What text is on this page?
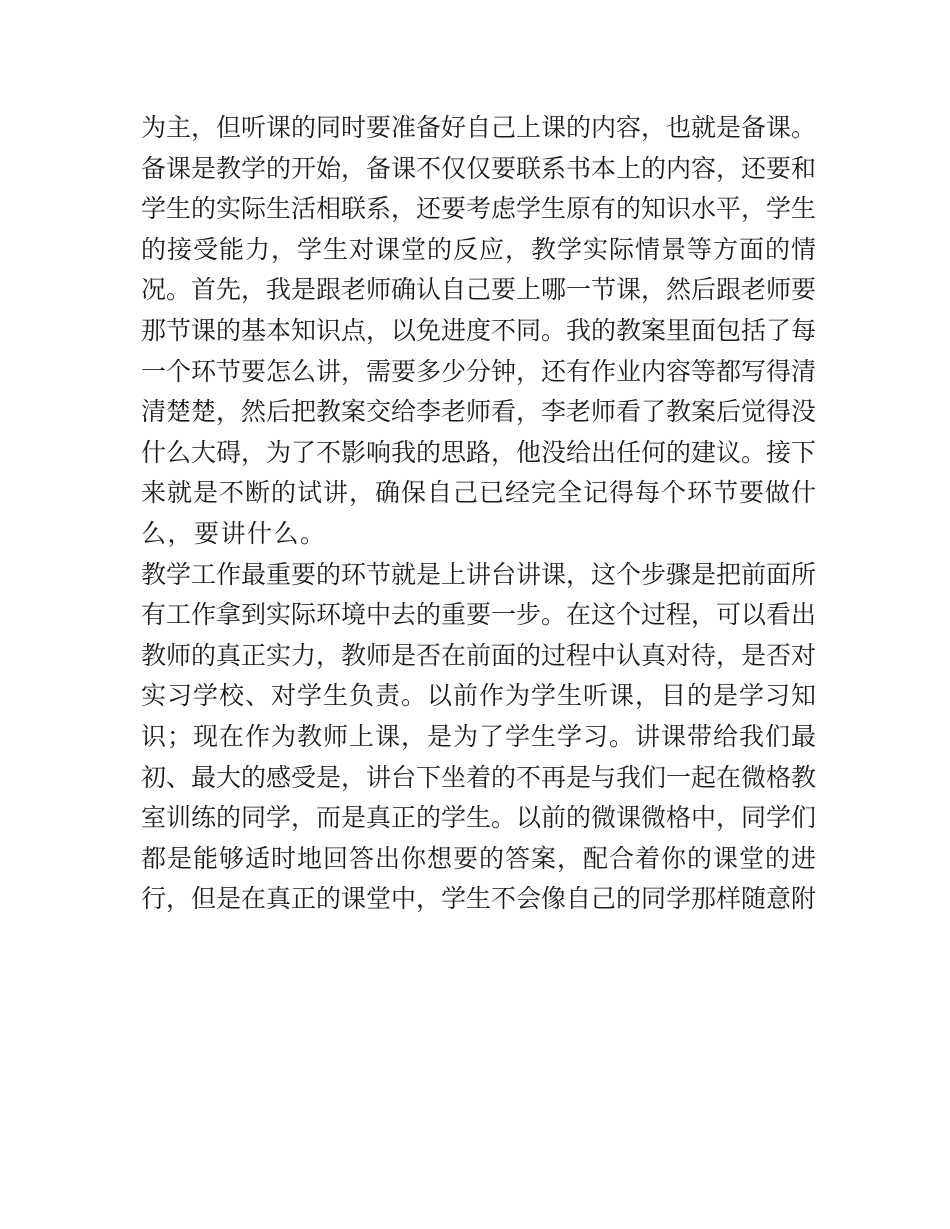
为主，但听课的同时要准备好自己上课的内容，也就是备课。
备课是教学的开始，备课不仅仅要联系书本上的内容，还要和
学生的实际生活相联系，还要考虑学生原有的知识水平，学生
的接受能力，学生对课堂的反应，教学实际情景等方面的情
况。首先，我是跟老师确认自己要上哪一节课，然后跟老师要
那节课的基本知识点，以免进度不同。我的教案里面包括了每
一个环节要怎么讲，需要多少分钟，还有作业内容等都写得清
清楚楚，然后把教案交给李老师看，李老师看了教案后觉得没
什么大碍，为了不影响我的思路，他没给出任何的建议。接下
来就是不断的试讲，确保自己已经完全记得每个环节要做什
么，要讲什么。
教学工作最重要的环节就是上讲台讲课，这个步骤是把前面所
有工作拿到实际环境中去的重要一步。在这个过程，可以看出
教师的真正实力，教师是否在前面的过程中认真对待，是否对
实习学校、对学生负责。以前作为学生听课，目的是学习知
识；现在作为教师上课，是为了学生学习。讲课带给我们最
初、最大的感受是，讲台下坐着的不再是与我们一起在微格教
室训练的同学，而是真正的学生。以前的微课微格中，同学们
都是能够适时地回答出你想要的答案，配合着你的课堂的进
行，但是在真正的课堂中，学生不会像自己的同学那样随意附
